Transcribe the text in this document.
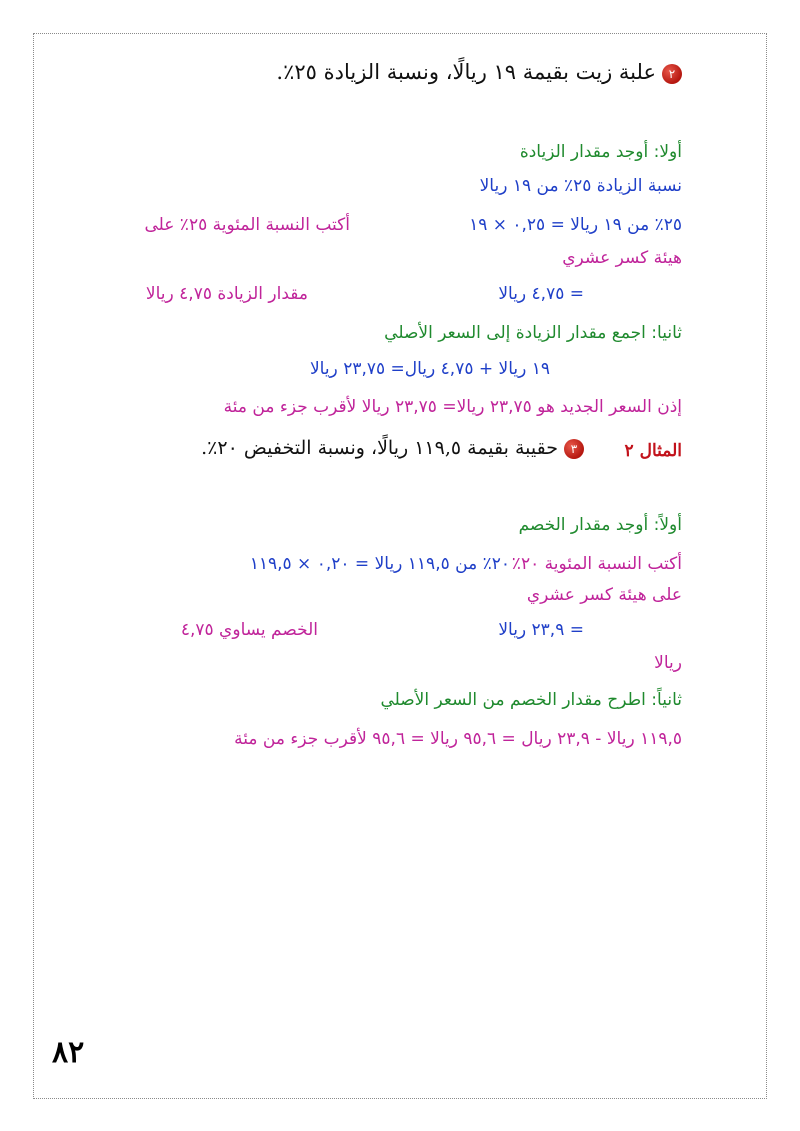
٢علبة زيت بقيمة ١٩ ريالًا، ونسبة الزيادة ٢٥٪.
أولا: أوجد مقدار الزيادة
نسبة الزيادة ٢٥٪ من ١٩ ريالا
٢٥٪ من ١٩ ريالا = ٠,٢٥ × ١٩
أكتب النسبة المئوية ٢٥٪ على
هيئة كسر عشري
= ٤,٧٥ ريالا
مقدار الزيادة ٤,٧٥ ريالا
ثانيا: اجمع مقدار الزيادة إلى السعر الأصلي
١٩ ريالا + ٤,٧٥ ريال= ٢٣,٧٥ ريالا
إذن السعر الجديد هو ٢٣,٧٥ ريالا= ٢٣,٧٥ ريالا لأقرب جزء من مئة
المثال ٢
٣حقيبة بقيمة ١١٩,٥ ريالًا، ونسبة التخفيض ٢٠٪.
أولاً: أوجد مقدار الخصم
٢٠٪ من ١١٩,٥ ريالا = ٠,٢٠ × ١١٩,٥ أكتب النسبة المئوية ٢٠٪
على هيئة كسر عشري
= ٢٣,٩ ريالا
الخصم يساوي ٤,٧٥
ريالا
ثانياً: اطرح مقدار الخصم من السعر الأصلي
١١٩,٥ ريالا - ٢٣,٩ ريال = ٩٥,٦ ريالا = ٩٥,٦ لأقرب جزء من مئة
٨٢
